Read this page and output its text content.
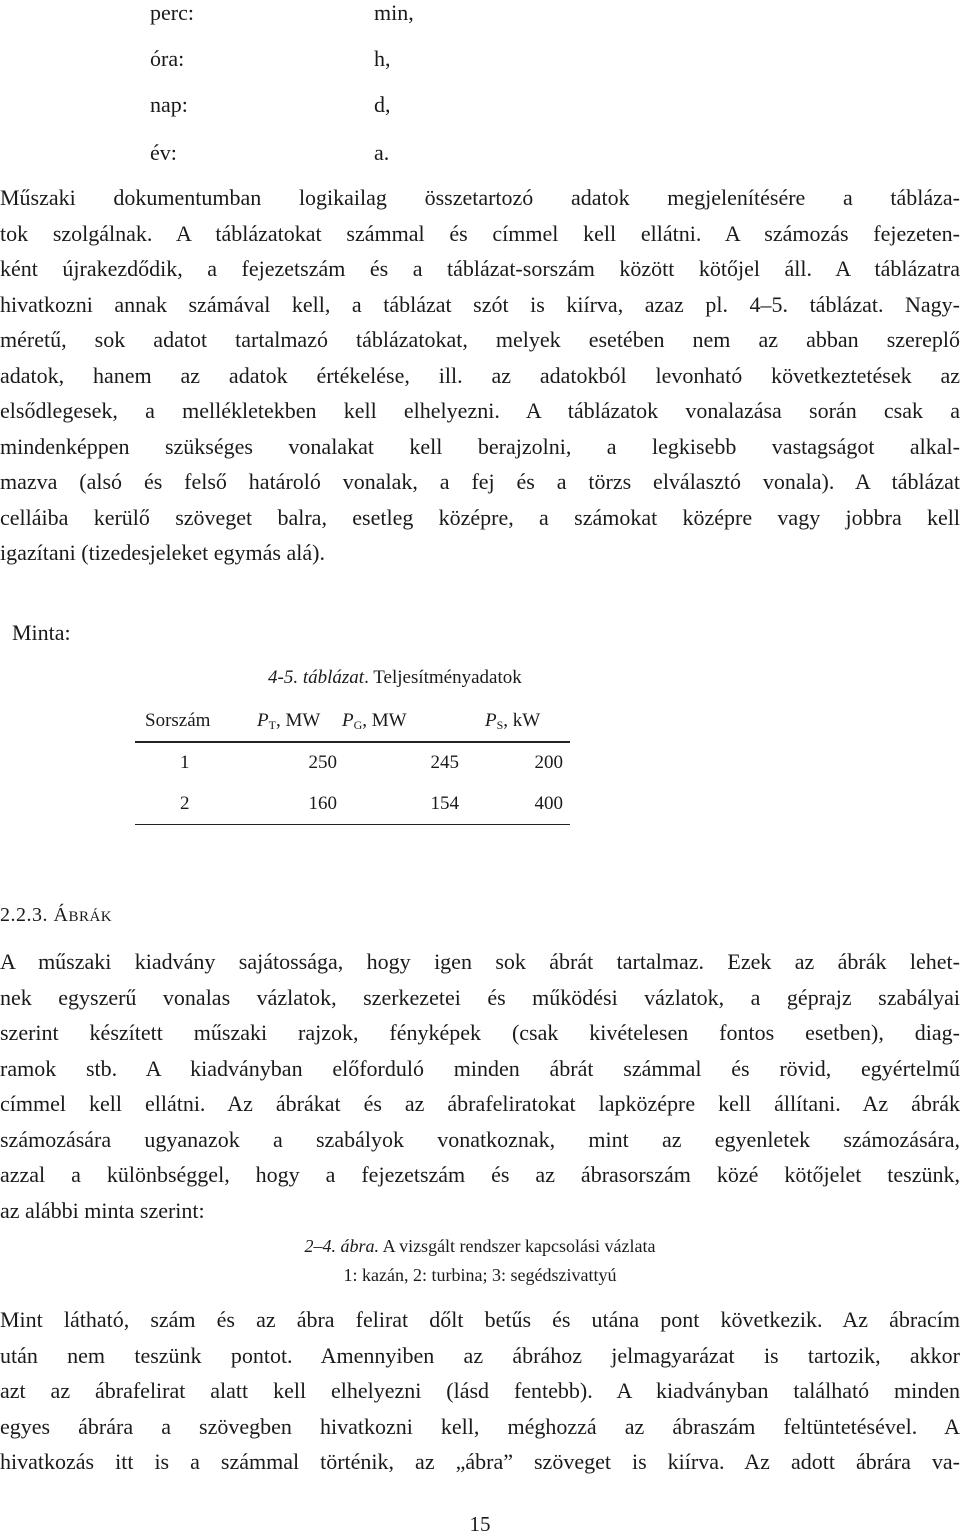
perc:	min,
óra:	h,
nap:	d,
év:	a.
Műszaki dokumentumban logikailag összetartozó adatok megjelenítésére a tábláza-
tok szolgálnak. A táblázatokat számmal és címmel kell ellátni. A számozás fejezeten-
ként újrakezdődik, a fejezetszám és a táblázat-sorszám között kötőjel áll. A táblázatra
hivatkozni annak számával kell, a táblázat szót is kiírva, azaz pl. 4–5. táblázat. Nagy-
méretű, sok adatot tartalmazó táblázatokat, melyek esetében nem az abban szereplő
adatok, hanem az adatok értékelése, ill. az adatokból levonható következtetések az
elsődlegesek, a mellékletekben kell elhelyezni. A táblázatok vonalazása során csak a
mindenképpen szükséges vonalakat kell berajzolni, a legkisebb vastagságot alkal-
mazva (alsó és felső határoló vonalak, a fej és a törzs elválasztó vonala). A táblázat
celláiba kerülő szöveget balra, esetleg középre, a számokat középre vagy jobbra kell
igazítani (tizedesjeleket egymás alá).
Minta:
4-5. táblázat. Teljesítményadatok
Sorszám PT, MW PG, MW	PS, kW
1	250	245	200
2	160	154	400
2.2.3. ÁBRÁK
A műszaki kiadvány sajátossága, hogy igen sok ábrát tartalmaz. Ezek az ábrák lehet-
nek egyszerű vonalas vázlatok, szerkezetei és működési vázlatok, a géprajz szabályai
szerint készített műszaki rajzok, fényképek (csak kivételesen fontos esetben), diag-
ramok stb. A kiadványban előforduló minden ábrát számmal és rövid, egyértelmű
címmel kell ellátni. Az ábrákat és az ábrafeliratokat lapközépre kell állítani. Az ábrák
számozására ugyanazok a szabályok vonatkoznak, mint az egyenletek számozására,
azzal a különbséggel, hogy a fejezetszám és az ábrasorszám közé kötőjelet teszünk,
az alábbi minta szerint:
2–4. ábra. A vizsgált rendszer kapcsolási vázlata
1: kazán, 2: turbina; 3: segédszivattyú
Mint látható, szám és az ábra felirat dőlt betűs és utána pont következik. Az ábracím
után nem teszünk pontot. Amennyiben az ábrához jelmagyarázat is tartozik, akkor
azt az ábrafelirat alatt kell elhelyezni (lásd fentebb). A kiadványban található minden
egyes ábrára a szövegben hivatkozni kell, méghozzá az ábraszám feltüntetésével. A
hivatkozás itt is a számmal történik, az „ábra” szöveget is kiírva. Az adott ábrára va-
15
